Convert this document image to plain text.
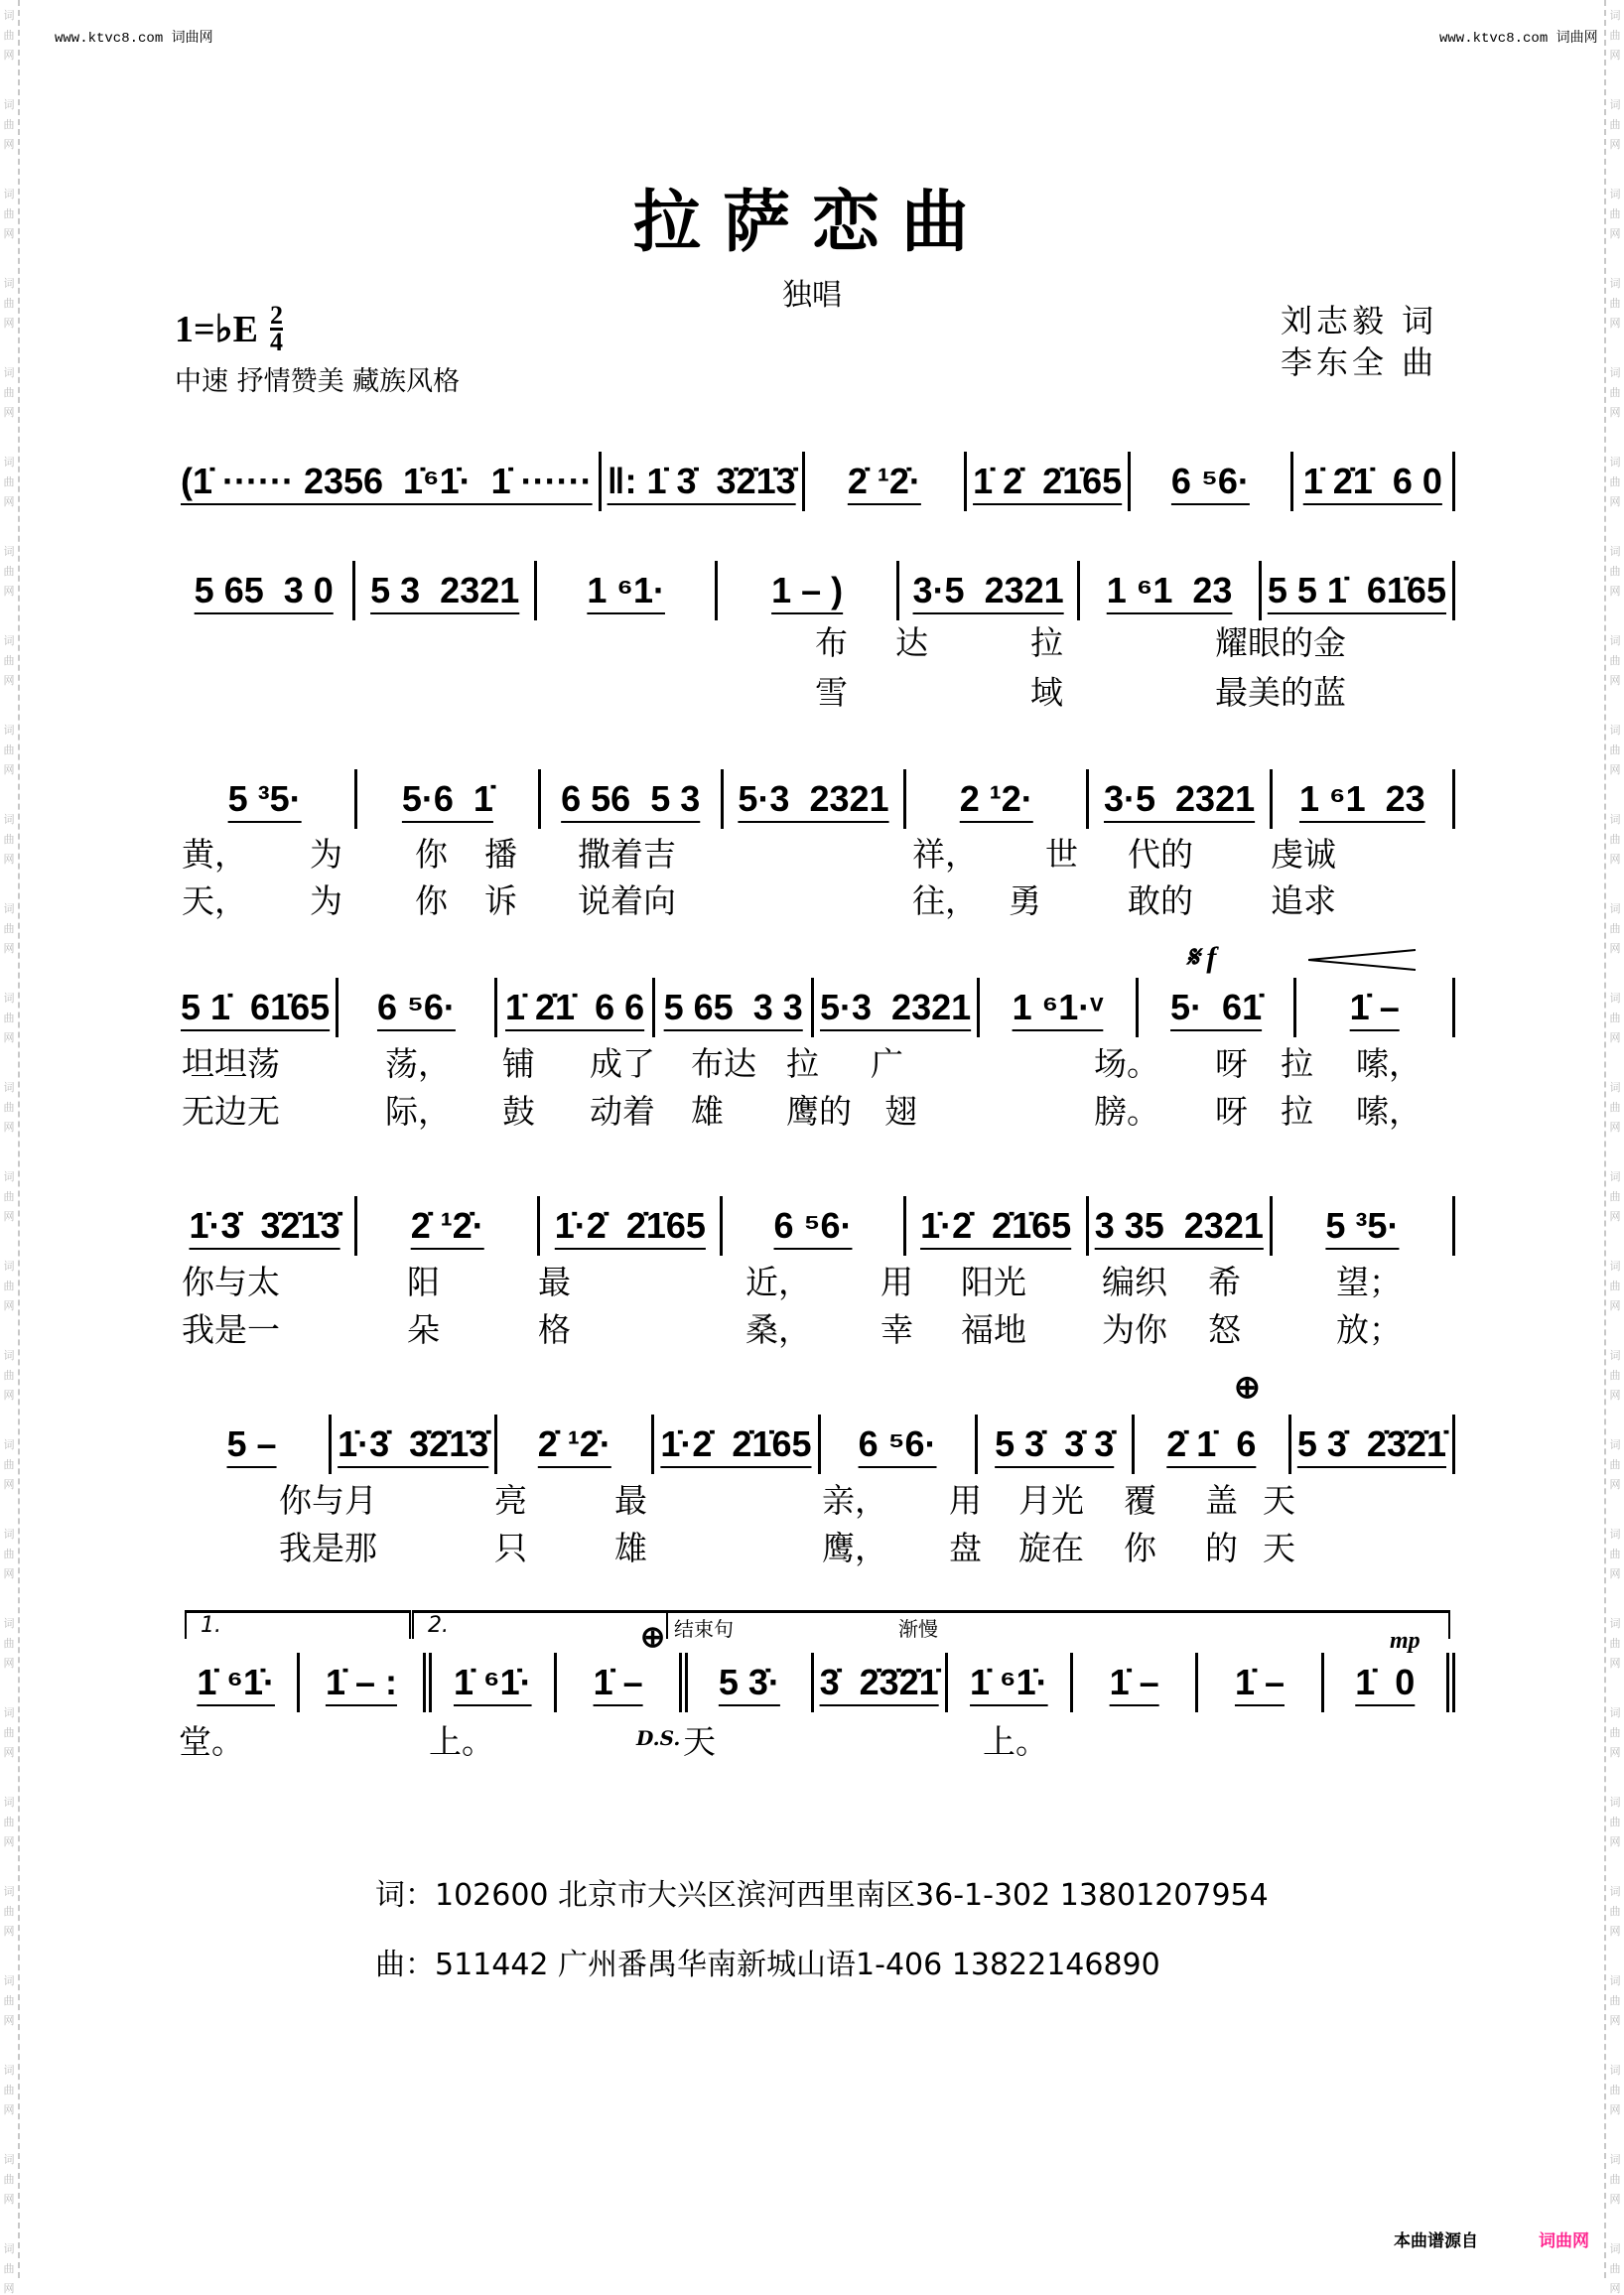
词
曲
网
词
曲
网
词
曲
网
词
曲
网
词
曲
网
词
曲
网
词
曲
网
词
曲
网
词
曲
网
词
曲
网
词
曲
网
词
曲
网
词
曲
网
词
曲
网
词
曲
网
词
曲
网
词
曲
网
词
曲
网
词
曲
网
词
曲
网
词
曲
网
词
曲
网
词
曲
网
词
曲
网
词
曲
网
词
曲
网
词
曲
网
词
曲
网
词
曲
网
词
曲
网
词
曲
网
词
曲
网
词
曲
网
词
曲
网
词
曲
网
词
曲
网
词
曲
网
词
曲
网
词
曲
网
词
曲
网
词
曲
网
词
曲
网
词
曲
网
词
曲
网
词
曲
网
词
曲
网
词
曲
网
词
曲
网
词
曲
网
词
曲
网
词
曲
网
词
曲
网
www.ktvc8.com 词曲网	www.ktvc8.com 词曲网
拉萨恋曲
独唱
1=♭E $\frac{2}{4}$
中速 抒情赞美 藏族风格
刘志毅 词
李东全 曲
(1̇ ······ 2356  1̇⁶1̇·  1̇ ······ ‖: 1̇ 3̇  3̇2̇1̇3̇	2̇ ¹2̇·	1̇ 2̇  2̇1̇65	6 ⁵6·	1̇ 2̇1̇  6 0
5 65  3 0	5 3  2321	1 ⁶1·	1 – )	3·5  2321	1 ⁶1  23 5 5 1̇  61̇65
5 ³5·	5·6  1̇	6 56  5 3	5·3  2321	2 ¹2·	3·5  2321	1 ⁶1  23
5 1̇  61̇65	6 ⁵6·	1̇ 2̇1̇  6 6 5 65  3 3 5·3  2321	1 ⁶1·ᵛ	5·  61̇	1̇ –
1̇·3̇  3̇2̇1̇3̇	2̇ ¹2̇·	1̇·2̇  2̇1̇65	6 ⁵6·	1̇·2̇  2̇1̇65 3 35  2321	5 ³5·
5 –	1̇·3̇  3̇2̇1̇3̇	2̇ ¹2̇·	1̇·2̇  2̇1̇65	6 ⁵6·	5 3̇  3̇ 3̇	2̇ 1̇  6	5 3̇  2̇3̇2̇1̇
1̇ ⁶1̇·	1̇ – :	1̇ ⁶1̇·	1̇ –	5 3̇·	3̇  2̇3̇2̇1̇ 1̇ ⁶1̇·	1̇ –	1̇ –	1̇  0
布 达	拉	耀眼的金
雪	域	最美的蓝
黄， 为 你 播 撒着吉	祥， 世 代的 虔诚
天， 为 你 诉 说着向	往， 勇	敢的 追求
坦坦荡	荡， 铺 成了 布达 拉 广	场。 呀 拉 嗦，
无边无	际， 鼓 动着 雄 鹰的 翅	膀。 呀 拉 嗦，
你与太	阳	最	近， 用 阳光 编织 希	望；
我是一	朵	格	桑， 幸 福地 为你 怒	放；
你与月	亮	最	亲， 用 月光 覆 盖 天
我是那	只	雄	鹰， 盘 旋在 你 的 天
堂。	上。	D.S. 天	上。
𝄋 f
⊕
1.	2.	结束句	渐慢
⊕	mp
词：102600 北京市大兴区滨河西里南区36-1-302 13801207954
曲：511442 广州番禺华南新城山语1-406 13822146890
本曲谱源自	词曲网
